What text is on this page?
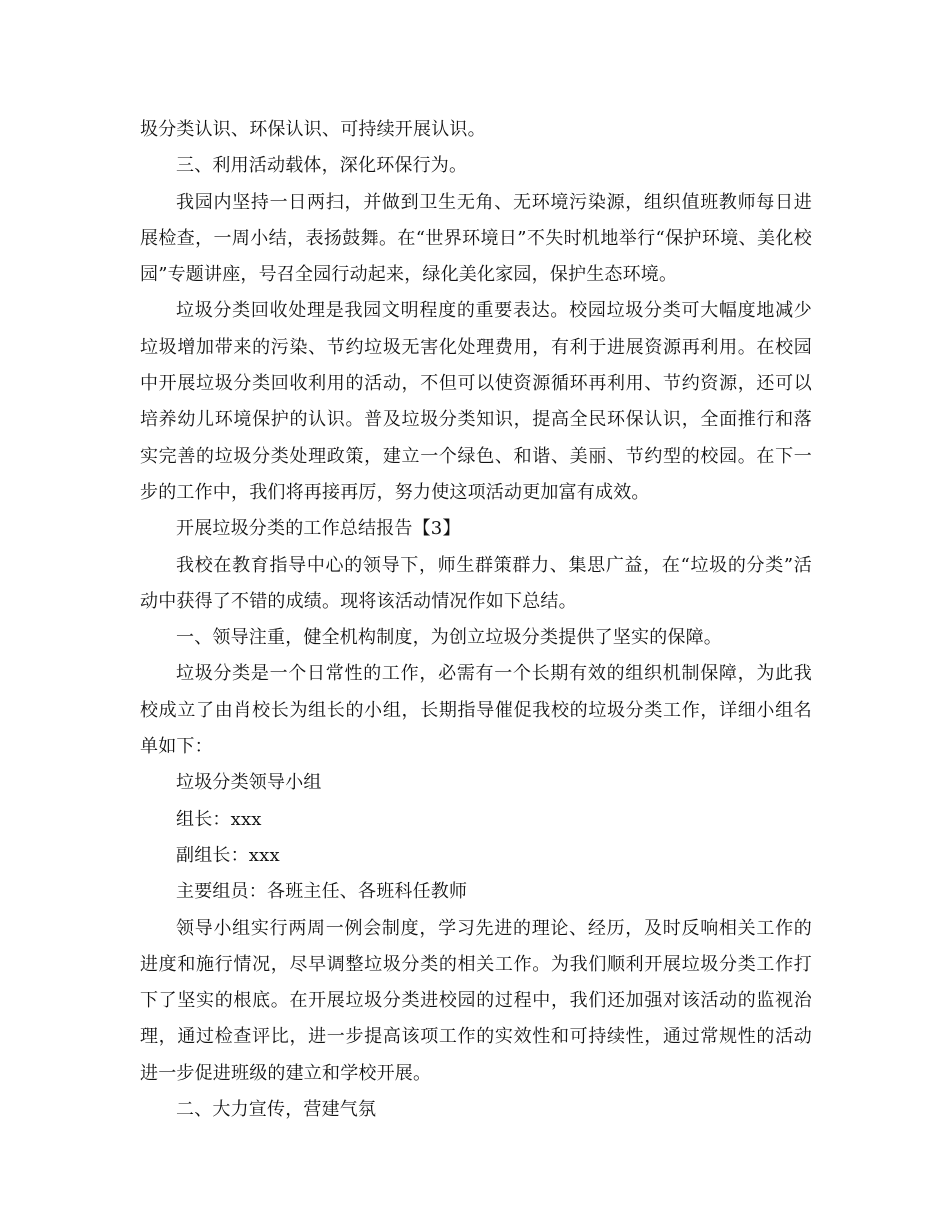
圾分类认识、环保认识、可持续开展认识。

三、利用活动载体，深化环保行为。

我园内坚持一日两扫，并做到卫生无角、无环境污染源，组织值班教师每日进展检查，一周小结，表扬鼓舞。在“世界环境日”不失时机地举行“保护环境、美化校园”专题讲座，号召全园行动起来，绿化美化家园，保护生态环境。

垃圾分类回收处理是我园文明程度的重要表达。校园垃圾分类可大幅度地减少垃圾增加带来的污染、节约垃圾无害化处理费用，有利于进展资源再利用。在校园中开展垃圾分类回收利用的活动，不但可以使资源循环再利用、节约资源，还可以培养幼儿环境保护的认识。普及垃圾分类知识，提高全民环保认识，全面推行和落实完善的垃圾分类处理政策，建立一个绿色、和谐、美丽、节约型的校园。在下一步的工作中，我们将再接再厉，努力使这项活动更加富有成效。

开展垃圾分类的工作总结报告【3】

我校在教育指导中心的领导下，师生群策群力、集思广益，在“垃圾的分类”活动中获得了不错的成绩。现将该活动情况作如下总结。

一、领导注重，健全机构制度，为创立垃圾分类提供了坚实的保障。

垃圾分类是一个日常性的工作，必需有一个长期有效的组织机制保障，为此我校成立了由肖校长为组长的小组，长期指导催促我校的垃圾分类工作，详细小组名单如下：

垃圾分类领导小组

组长：xxx

副组长：xxx

主要组员：各班主任、各班科任教师

领导小组实行两周一例会制度，学习先进的理论、经历，及时反响相关工作的进度和施行情况，尽早调整垃圾分类的相关工作。为我们顺利开展垃圾分类工作打下了坚实的根底。在开展垃圾分类进校园的过程中，我们还加强对该活动的监视治理，通过检查评比，进一步提高该项工作的实效性和可持续性，通过常规性的活动进一步促进班级的建立和学校开展。

二、大力宣传，营建气氛
